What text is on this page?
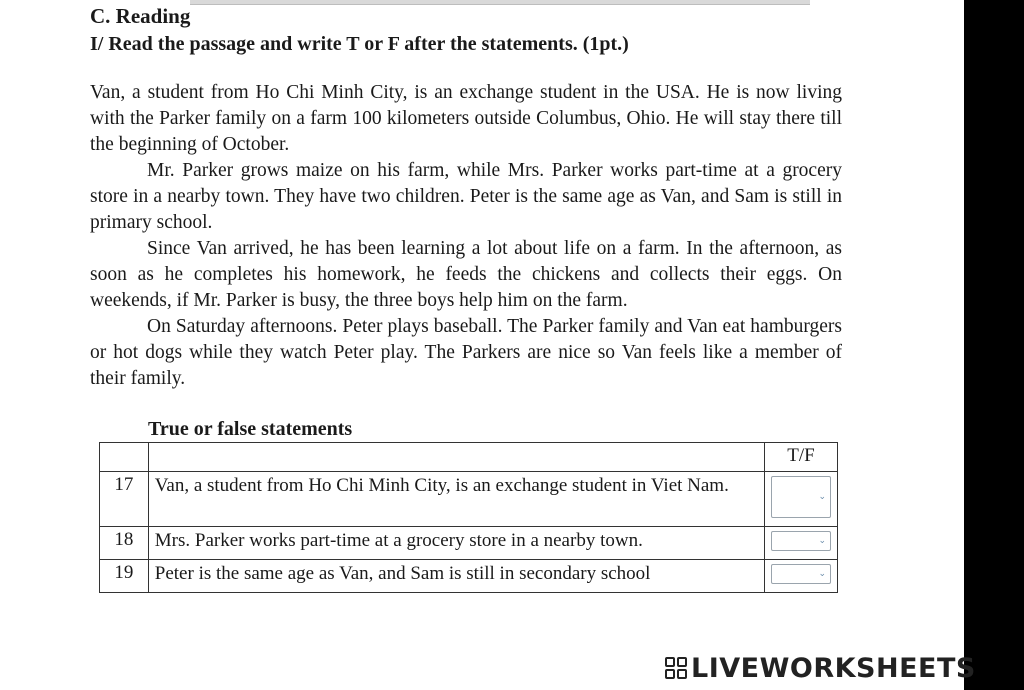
C. Reading
I/ Read the passage and write T or F after the statements. (1pt.)

Van, a student from Ho Chi Minh City, is an exchange student in the USA. He is now living with the Parker family on a farm 100 kilometers outside Columbus, Ohio. He will stay there till the beginning of October.

Mr. Parker grows maize on his farm, while Mrs. Parker works part-time at a grocery store in a nearby town. They have two children. Peter is the same age as Van, and Sam is still in primary school.

Since Van arrived, he has been learning a lot about life on a farm. In the afternoon, as soon as he completes his homework, he feeds the chickens and collects their eggs. On weekends, if Mr. Parker is busy, the three boys help him on the farm.

On Saturday afternoons. Peter plays baseball. The Parker family and Van eat hamburgers or hot dogs while they watch Peter play. The Parkers are nice so Van feels like a member of their family.

True or false statements
		T/F
17	Van, a student from Ho Chi Minh City, is an exchange student in Viet Nam.	⌄

18	Mrs. Parker works part-time at a grocery store in a nearby town.	⌄

19	Peter is the same age as Van, and Sam is still in secondary school	⌄
LIVEWORKSHEETS
